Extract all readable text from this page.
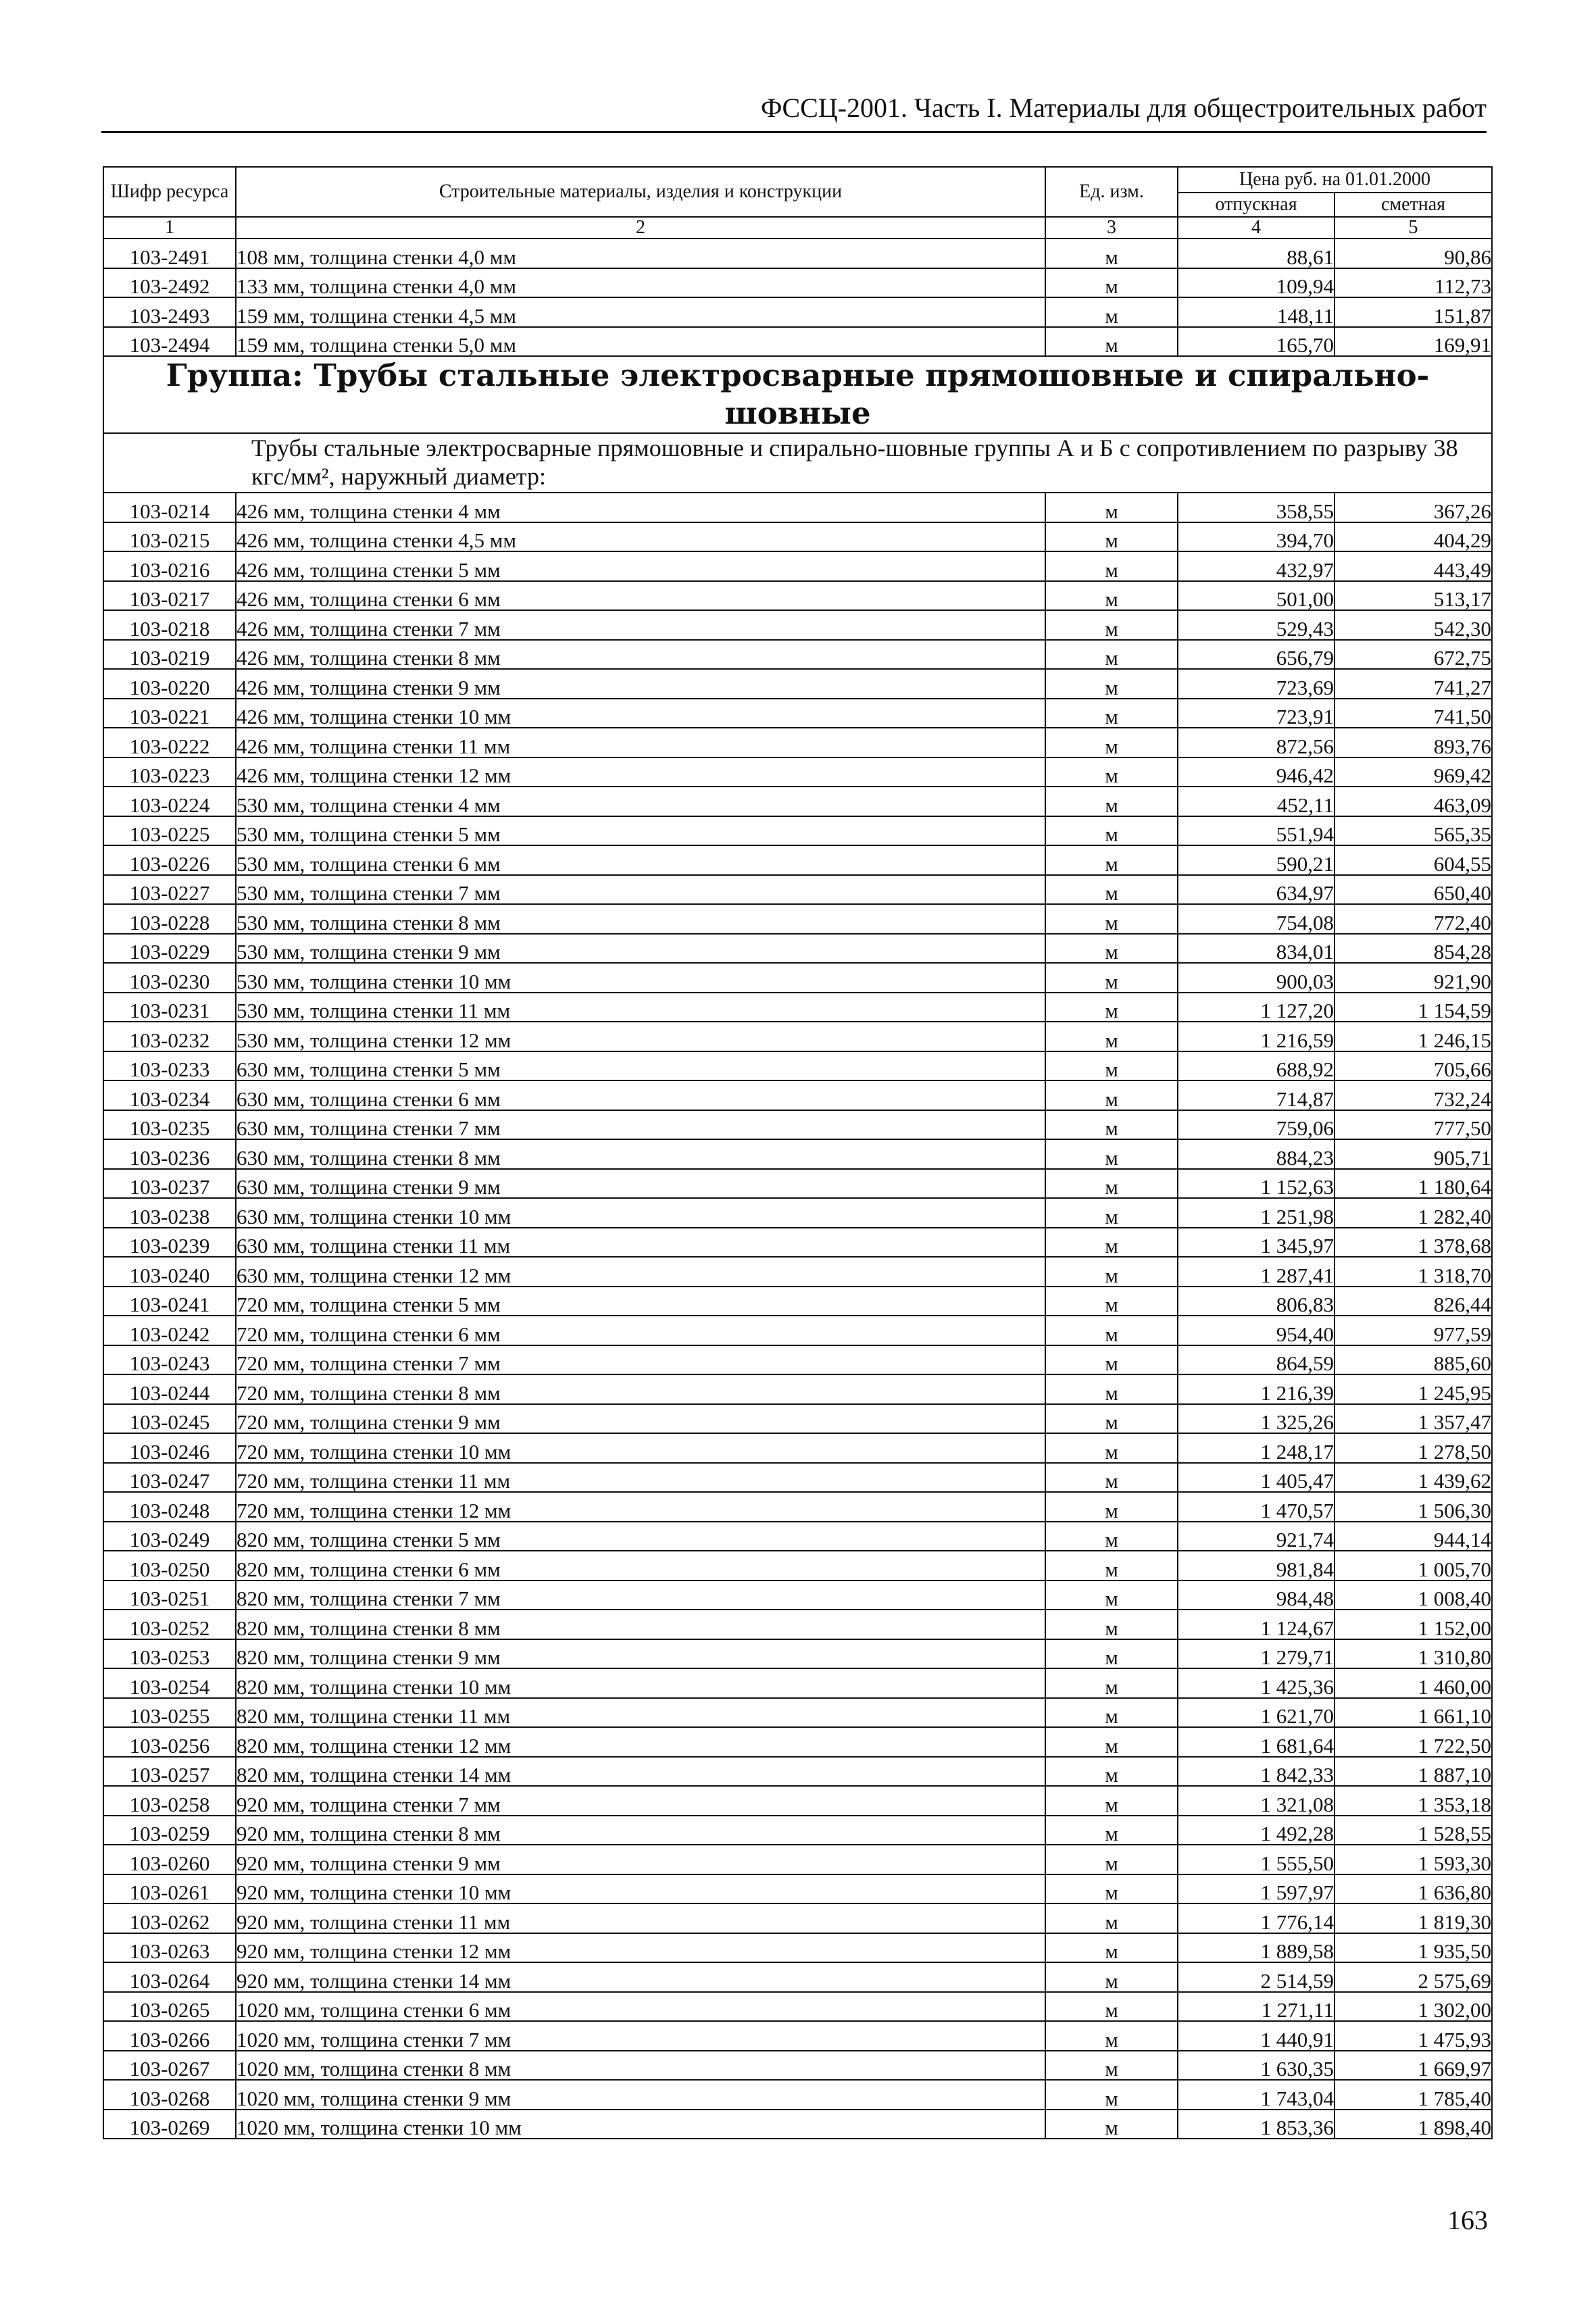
ФССЦ-2001. Часть I. Материалы для общестроительных работ
Шифр ресурса	Строительные материалы, изделия и конструкции	Ед. изм.	Цена руб. на 01.01.2000	
			отпускная	сметная
1	2	3	4	5
103-2491	108 мм, толщина стенки 4,0 мм	м	88,61	90,86
103-2492	133 мм, толщина стенки 4,0 мм	м	109,94	112,73
103-2493	159 мм, толщина стенки 4,5 мм	м	148,11	151,87
103-2494	159 мм, толщина стенки 5,0 мм	м	165,70	169,91
Группа: Трубы стальные электросварные прямошовные и спирально-шовные				
Трубы стальные электросварные прямошовные и спирально-шовные группы А и Б с сопротивлением по разрыву 38 кгс/мм², наружный диаметр:				
103-0214	426 мм, толщина стенки 4 мм	м	358,55	367,26
103-0215	426 мм, толщина стенки 4,5 мм	м	394,70	404,29
103-0216	426 мм, толщина стенки 5 мм	м	432,97	443,49
103-0217	426 мм, толщина стенки 6 мм	м	501,00	513,17
103-0218	426 мм, толщина стенки 7 мм	м	529,43	542,30
103-0219	426 мм, толщина стенки 8 мм	м	656,79	672,75
103-0220	426 мм, толщина стенки 9 мм	м	723,69	741,27
103-0221	426 мм, толщина стенки 10 мм	м	723,91	741,50
103-0222	426 мм, толщина стенки 11 мм	м	872,56	893,76
103-0223	426 мм, толщина стенки 12 мм	м	946,42	969,42
103-0224	530 мм, толщина стенки 4 мм	м	452,11	463,09
103-0225	530 мм, толщина стенки 5 мм	м	551,94	565,35
103-0226	530 мм, толщина стенки 6 мм	м	590,21	604,55
103-0227	530 мм, толщина стенки 7 мм	м	634,97	650,40
103-0228	530 мм, толщина стенки 8 мм	м	754,08	772,40
103-0229	530 мм, толщина стенки 9 мм	м	834,01	854,28
103-0230	530 мм, толщина стенки 10 мм	м	900,03	921,90
103-0231	530 мм, толщина стенки 11 мм	м	1 127,20	1 154,59
103-0232	530 мм, толщина стенки 12 мм	м	1 216,59	1 246,15
103-0233	630 мм, толщина стенки 5 мм	м	688,92	705,66
103-0234	630 мм, толщина стенки 6 мм	м	714,87	732,24
103-0235	630 мм, толщина стенки 7 мм	м	759,06	777,50
103-0236	630 мм, толщина стенки 8 мм	м	884,23	905,71
103-0237	630 мм, толщина стенки 9 мм	м	1 152,63	1 180,64
103-0238	630 мм, толщина стенки 10 мм	м	1 251,98	1 282,40
103-0239	630 мм, толщина стенки 11 мм	м	1 345,97	1 378,68
103-0240	630 мм, толщина стенки 12 мм	м	1 287,41	1 318,70
103-0241	720 мм, толщина стенки 5 мм	м	806,83	826,44
103-0242	720 мм, толщина стенки 6 мм	м	954,40	977,59
103-0243	720 мм, толщина стенки 7 мм	м	864,59	885,60
103-0244	720 мм, толщина стенки 8 мм	м	1 216,39	1 245,95
103-0245	720 мм, толщина стенки 9 мм	м	1 325,26	1 357,47
103-0246	720 мм, толщина стенки 10 мм	м	1 248,17	1 278,50
103-0247	720 мм, толщина стенки 11 мм	м	1 405,47	1 439,62
103-0248	720 мм, толщина стенки 12 мм	м	1 470,57	1 506,30
103-0249	820 мм, толщина стенки 5 мм	м	921,74	944,14
103-0250	820 мм, толщина стенки 6 мм	м	981,84	1 005,70
103-0251	820 мм, толщина стенки 7 мм	м	984,48	1 008,40
103-0252	820 мм, толщина стенки 8 мм	м	1 124,67	1 152,00
103-0253	820 мм, толщина стенки 9 мм	м	1 279,71	1 310,80
103-0254	820 мм, толщина стенки 10 мм	м	1 425,36	1 460,00
103-0255	820 мм, толщина стенки 11 мм	м	1 621,70	1 661,10
103-0256	820 мм, толщина стенки 12 мм	м	1 681,64	1 722,50
103-0257	820 мм, толщина стенки 14 мм	м	1 842,33	1 887,10
103-0258	920 мм, толщина стенки 7 мм	м	1 321,08	1 353,18
103-0259	920 мм, толщина стенки 8 мм	м	1 492,28	1 528,55
103-0260	920 мм, толщина стенки 9 мм	м	1 555,50	1 593,30
103-0261	920 мм, толщина стенки 10 мм	м	1 597,97	1 636,80
103-0262	920 мм, толщина стенки 11 мм	м	1 776,14	1 819,30
103-0263	920 мм, толщина стенки 12 мм	м	1 889,58	1 935,50
103-0264	920 мм, толщина стенки 14 мм	м	2 514,59	2 575,69
103-0265	1020 мм, толщина стенки 6 мм	м	1 271,11	1 302,00
103-0266	1020 мм, толщина стенки 7 мм	м	1 440,91	1 475,93
103-0267	1020 мм, толщина стенки 8 мм	м	1 630,35	1 669,97
103-0268	1020 мм, толщина стенки 9 мм	м	1 743,04	1 785,40
103-0269	1020 мм, толщина стенки 10 мм	м	1 853,36	1 898,40
163
